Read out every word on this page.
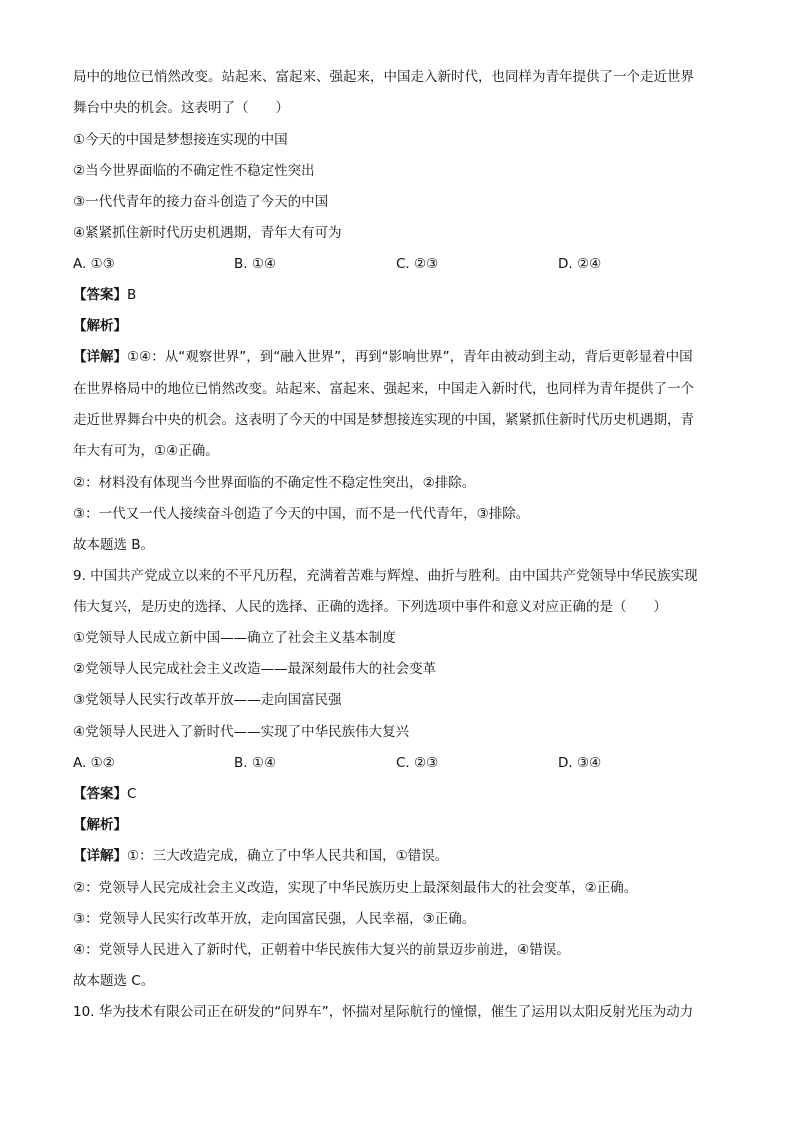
局中的地位已悄然改变。站起来、富起来、强起来，中国走入新时代，也同样为青年提供了一个走近世界
舞台中央的机会。这表明了（　　）
①今天的中国是梦想接连实现的中国
②当今世界面临的不确定性不稳定性突出
③一代代青年的接力奋斗创造了今天的中国
④紧紧抓住新时代历史机遇期，青年大有可为
A. ①③	B. ①④	C. ②③	D. ②④
【答案】B
【解析】
【详解】①④：从“观察世界”，到“融入世界”，再到“影响世界”，青年由被动到主动，背后更彰显着中国
在世界格局中的地位已悄然改变。站起来、富起来、强起来，中国走入新时代，也同样为青年提供了一个
走近世界舞台中央的机会。这表明了今天的中国是梦想接连实现的中国，紧紧抓住新时代历史机遇期，青
年大有可为，①④正确。
②：材料没有体现当今世界面临的不确定性不稳定性突出，②排除。
③：一代又一代人接续奋斗创造了今天的中国，而不是一代代青年，③排除。
故本题选 B。
9. 中国共产党成立以来的不平凡历程，充满着苦难与辉煌、曲折与胜利。由中国共产党领导中华民族实现
伟大复兴，是历史的选择、人民的选择、正确的选择。下列选项中事件和意义对应正确的是（　　）
①党领导人民成立新中国——确立了社会主义基本制度
②党领导人民完成社会主义改造——最深刻最伟大的社会变革
③党领导人民实行改革开放——走向国富民强
④党领导人民进入了新时代——实现了中华民族伟大复兴
A. ①②	B. ①④	C. ②③	D. ③④
【答案】C
【解析】
【详解】①：三大改造完成，确立了中华人民共和国，①错误。
②：党领导人民完成社会主义改造，实现了中华民族历史上最深刻最伟大的社会变革，②正确。
③：党领导人民实行改革开放，走向国富民强，人民幸福，③正确。
④：党领导人民进入了新时代，正朝着中华民族伟大复兴的前景迈步前进，④错误。
故本题选 C。
10. 华为技术有限公司正在研发的“问界车”，怀揣对星际航行的憧憬，催生了运用以太阳反射光压为动力
